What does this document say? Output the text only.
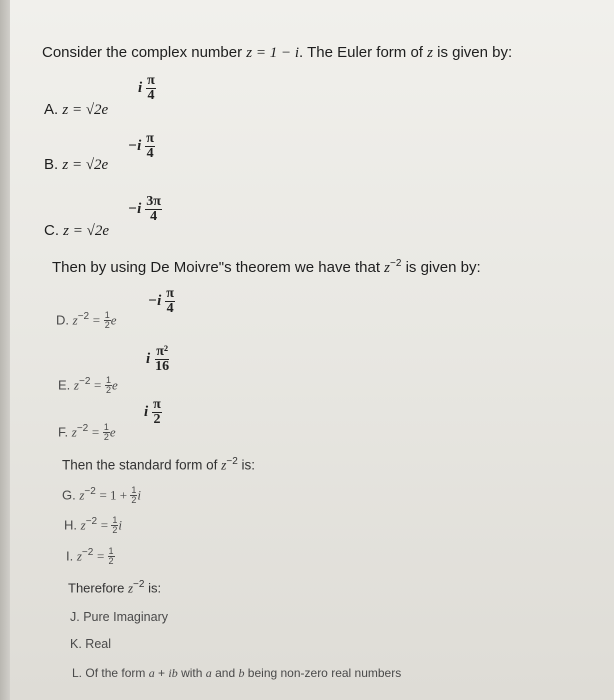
Consider the complex number z = 1 − i. The Euler form of z is given by:
A. z = √2e
i $\frac{\pi}{4}$
B. z = √2e
$-i \frac{\pi}{4}$
C. z = √2e
$-i \frac{3\pi}{4}$
Then by using De Moivre"s theorem we have that $z^{-2}$ is given by:
D. $z^{-2} = \frac{1}{2}$ e
$-i \frac{\pi}{4}$
E. $z^{-2} = \frac{1}{2}$ e
i $\frac{\text{π²}}{16}$
F. $z^{-2} = \frac{1}{2}$ e
i $\frac{\pi}{2}$
Then the standard form of $z^{-2}$ is:
G. $z^{-2} = 1 + \frac{1}{2}$ i
H. $z^{-2} = \frac{1}{2}$ i
I. $z^{-2} = \frac{1}{2}$
Therefore $z^{-2}$ is:
J. Pure Imaginary
K. Real
L. Of the form a + ib with a and b being non-zero real numbers
